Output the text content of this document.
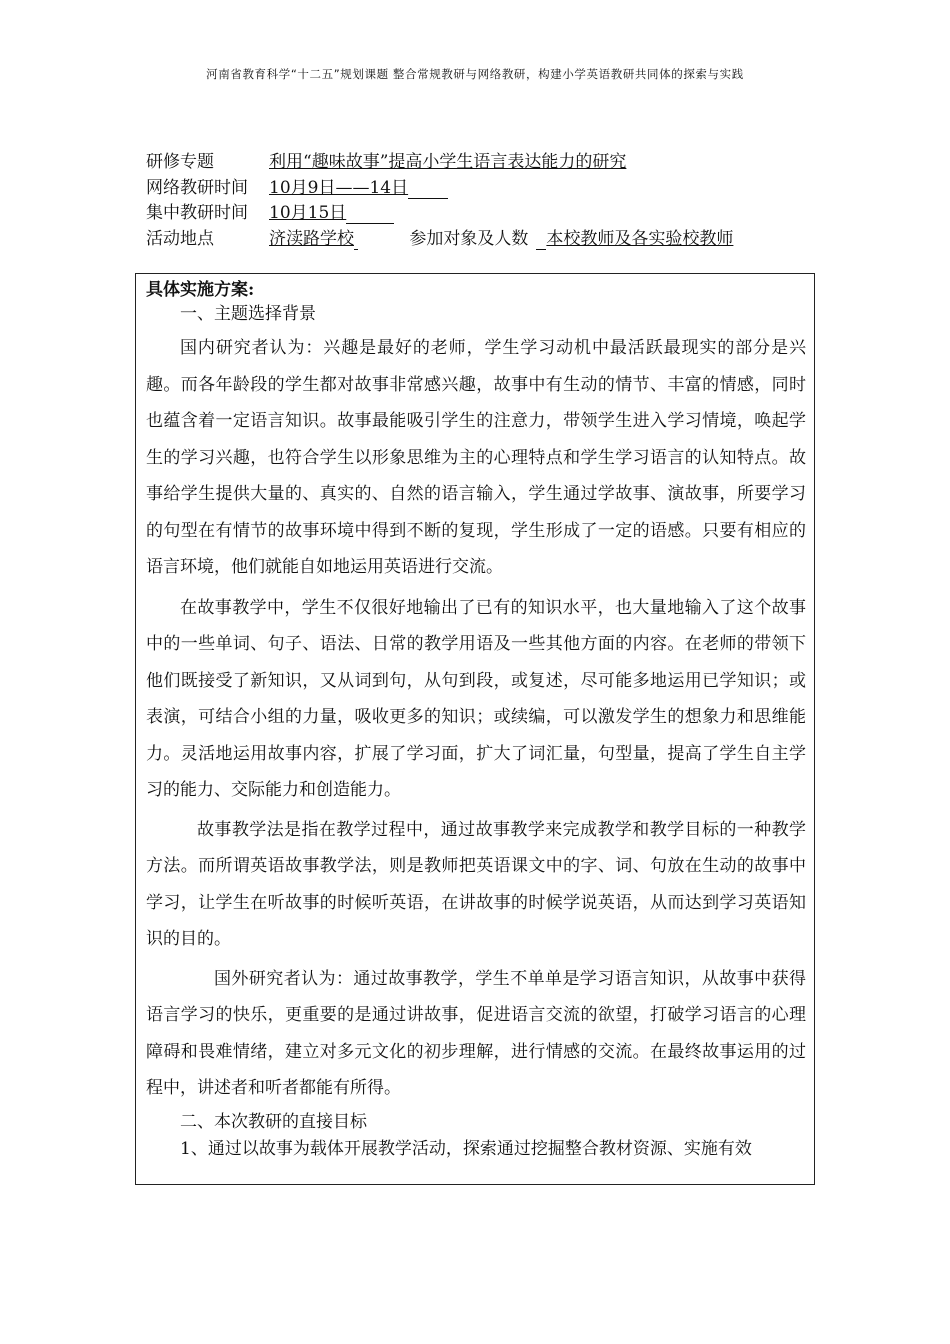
河南省教育科学“十二五”规划课题 整合常规教研与网络教研，构建小学英语教研共同体的探索与实践
研修专题	利用“趣味故事”提高小学生语言表达能力的研究
网络教研时间 10月9日——14日
集中教研时间 10月15日
活动地点	济渎路学校	参加对象及人数 本校教师及各实验校教师
具体实施方案:
一、主题选择背景

国内研究者认为：兴趣是最好的老师，学生学习动机中最活跃最现实的部分是兴趣。而各年龄段的学生都对故事非常感兴趣，故事中有生动的情节、丰富的情感，同时也蕴含着一定语言知识。故事最能吸引学生的注意力，带领学生进入学习情境，唤起学生的学习兴趣，也符合学生以形象思维为主的心理特点和学生学习语言的认知特点。故事给学生提供大量的、真实的、自然的语言输入，学生通过学故事、演故事，所要学习的句型在有情节的故事环境中得到不断的复现，学生形成了一定的语感。只要有相应的语言环境，他们就能自如地运用英语进行交流。

在故事教学中，学生不仅很好地输出了已有的知识水平，也大量地输入了这个故事中的一些单词、句子、语法、日常的教学用语及一些其他方面的内容。在老师的带领下他们既接受了新知识，又从词到句，从句到段，或复述，尽可能多地运用已学知识；或表演，可结合小组的力量，吸收更多的知识；或续编，可以激发学生的想象力和思维能力。灵活地运用故事内容，扩展了学习面，扩大了词汇量，句型量，提高了学生自主学习的能力、交际能力和创造能力。

故事教学法是指在教学过程中，通过故事教学来完成教学和教学目标的一种教学方法。而所谓英语故事教学法，则是教师把英语课文中的字、词、句放在生动的故事中学习，让学生在听故事的时候听英语，在讲故事的时候学说英语，从而达到学习英语知识的目的。

国外研究者认为：通过故事教学，学生不单单是学习语言知识，从故事中获得语言学习的快乐，更重要的是通过讲故事，促进语言交流的欲望，打破学习语言的心理障碍和畏难情绪，建立对多元文化的初步理解，进行情感的交流。在最终故事运用的过程中，讲述者和听者都能有所得。

二、本次教研的直接目标

1、通过以故事为载体开展教学活动，探索通过挖掘整合教材资源、实施有效
